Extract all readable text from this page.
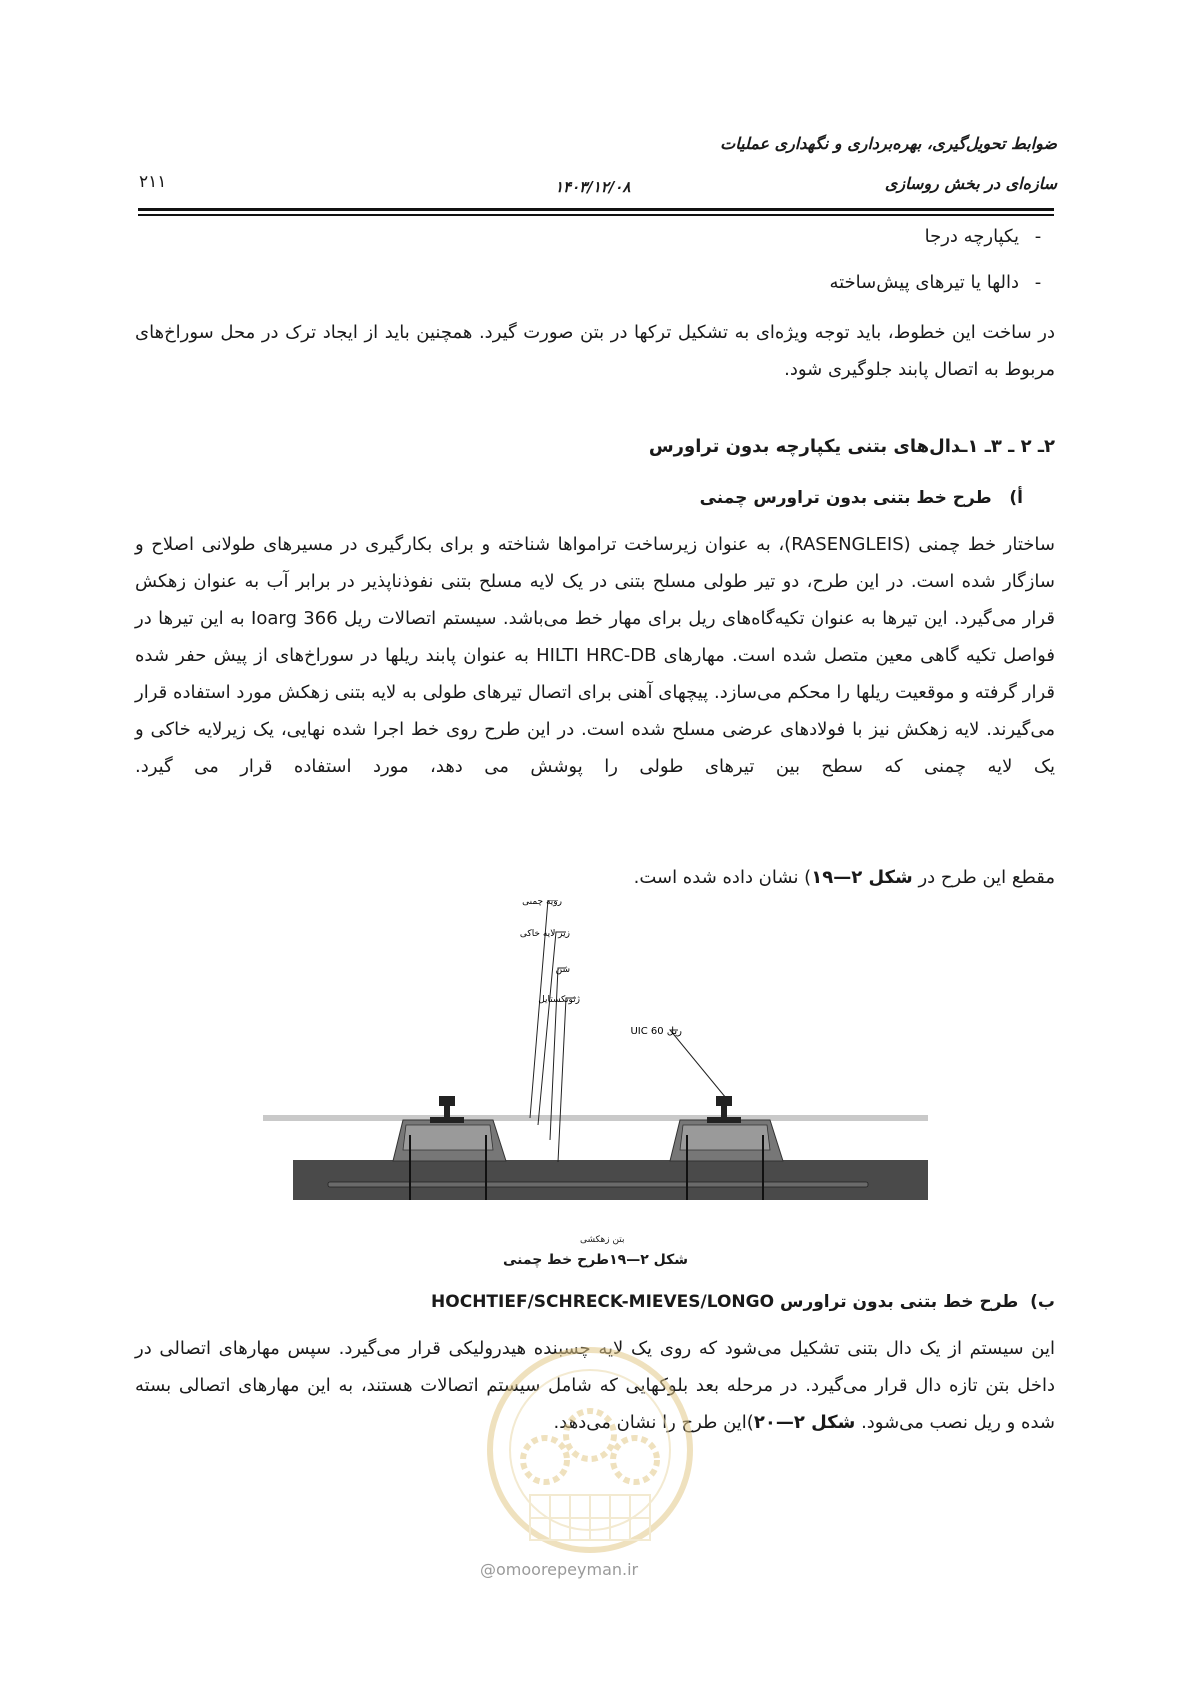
ضوابط تحویل‌گیری، بهره‌برداری و نگهداری عملیات
سازه‌ای در بخش روسازی
۱۴۰۳/۱۲/۰۸
۲۱۱
-یکپارچه درجا
-دالها یا تیرهای پیش‌ساخته
در ساخت این خطوط، باید توجه ویژه‌ای به تشکیل ترکها در بتن صورت گیرد. همچنین باید از ایجاد ترک در محل سوراخ‌های مربوط به اتصال پابند جلوگیری شود.
۲ـ ۲ ـ ۳ـ ۱ـدال‌های بتنی یکپارچه بدون تراورس
أ)   طرح خط بتنی بدون تراورس چمنی
ساختار خط چمنی (RASENGLEIS)، به عنوان زیرساخت تراموا‌ها شناخته و برای بکارگیری در مسیرهای طولانی اصلاح و سازگار شده است. در این طرح، دو تیر طولی مسلح بتنی در یک لایه مسلح بتنی نفوذناپذیر در برابر آب به عنوان زهکش قرار می‌گیرد. این تیرها به عنوان تکیه‌گاه‌های ریل برای مهار خط می‌باشد. سیستم اتصالات ریل Ioarg 366 به این تیرها در فواصل تکیه گاهی معین متصل شده است. مهارهای HILTI HRC-DB به عنوان پابند ریلها در سوراخ‌های از پیش حفر شده قرار گرفته و موقعیت ریلها را محکم می‌سازد. پیچهای آهنی برای اتصال تیرهای طولی به لایه بتنی زهکش مورد استفاده قرار می‌گیرند. لایه زهکش نیز با فولادهای عرضی مسلح شده است. در این طرح روی خط اجرا شده نهایی، یک زیرلایه خاکی و یک لایه چمنی که سطح بین تیرهای طولی را پوشش می دهد، مورد استفاده قرار می گیرد.
مقطع این طرح در شکل ۲—۱۹) نشان داده شده است.
رویه چمنی
زیر لایه خاکی
شن
ژئوتکستایل
ریل UIC 60
بتن زهکشی
شکل ۲—۱۹طرح خط چمنی
ب)  طرح خط بتنی بدون تراورس HOCHTIEF/SCHRECK-MIEVES/LONGO
این سیستم از یک دال بتنی تشکیل می‌شود که روی یک لایه چسبنده هیدرولیکی قرار می‌گیرد. سپس مهارهای اتصالی در داخل بتن تازه دال قرار می‌گیرد. در مرحله بعد بلوکهایی که شامل سیستم اتصالات هستند، به این مهارهای اتصالی بسته شده و ریل نصب می‌شود. شکل ۲—۲۰)این طرح را نشان می‌دهد.
@omoorepeyman.ir
